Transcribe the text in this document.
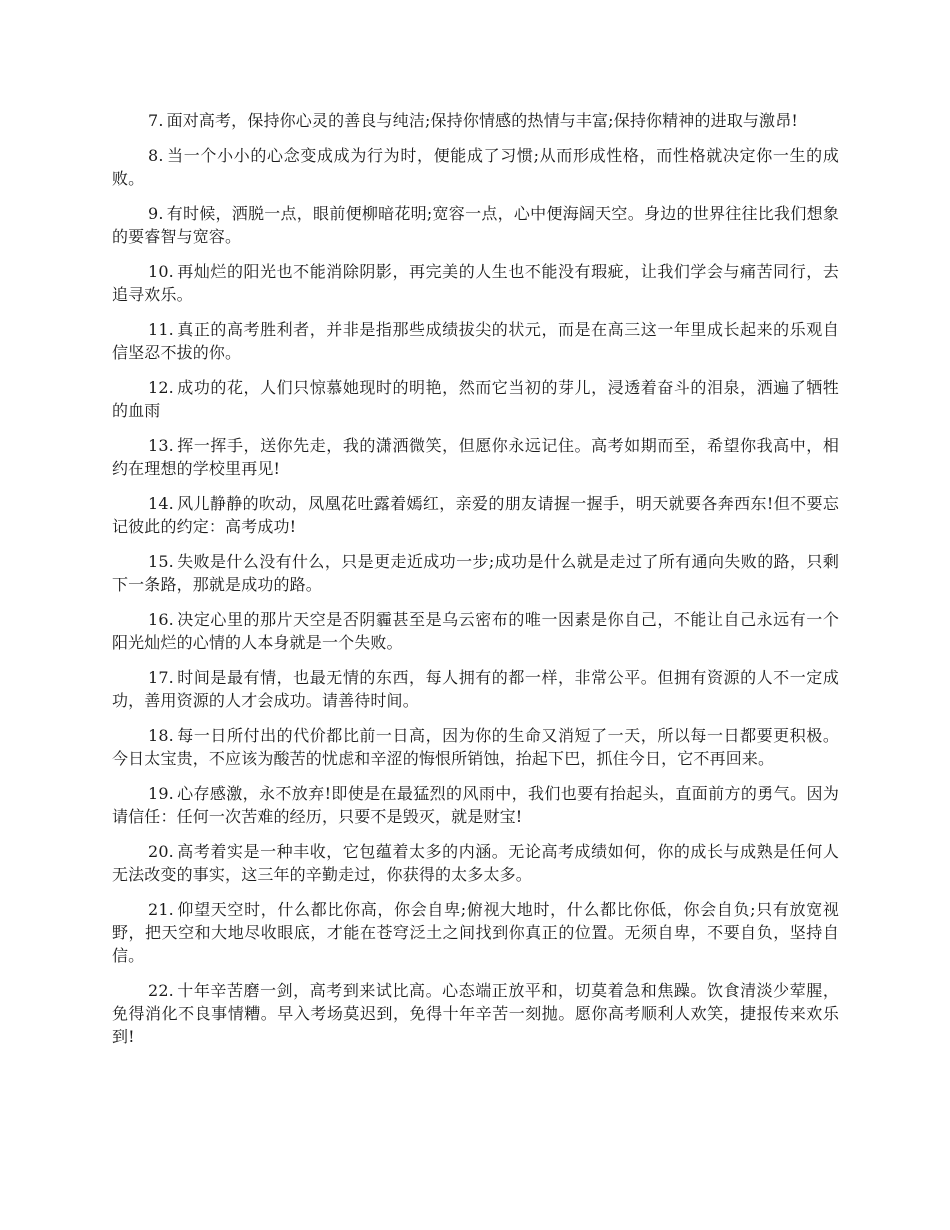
7. 面对高考，保持你心灵的善良与纯洁;保持你情感的热情与丰富;保持你精神的进取与激昂!

8. 当一个小小的心念变成成为行为时，便能成了习惯;从而形成性格，而性格就决定你一生的成败。

9. 有时候，洒脱一点，眼前便柳暗花明;宽容一点，心中便海阔天空。身边的世界往往比我们想象的要睿智与宽容。

10. 再灿烂的阳光也不能消除阴影，再完美的人生也不能没有瑕疵，让我们学会与痛苦同行，去追寻欢乐。

11. 真正的高考胜利者，并非是指那些成绩拔尖的状元，而是在高三这一年里成长起来的乐观自信坚忍不拔的你。

12. 成功的花，人们只惊慕她现时的明艳，然而它当初的芽儿，浸透着奋斗的泪泉，洒遍了牺牲的血雨

13. 挥一挥手，送你先走，我的潇洒微笑，但愿你永远记住。高考如期而至，希望你我高中，相约在理想的学校里再见!

14. 风儿静静的吹动，凤凰花吐露着嫣红，亲爱的朋友请握一握手，明天就要各奔西东!但不要忘记彼此的约定：高考成功!

15. 失败是什么没有什么，只是更走近成功一步;成功是什么就是走过了所有通向失败的路，只剩下一条路，那就是成功的路。

16. 决定心里的那片天空是否阴霾甚至是乌云密布的唯一因素是你自己，不能让自己永远有一个阳光灿烂的心情的人本身就是一个失败。

17. 时间是最有情，也最无情的东西，每人拥有的都一样，非常公平。但拥有资源的人不一定成功，善用资源的人才会成功。请善待时间。

18. 每一日所付出的代价都比前一日高，因为你的生命又消短了一天，所以每一日都要更积极。今日太宝贵，不应该为酸苦的忧虑和辛涩的悔恨所销蚀，抬起下巴，抓住今日，它不再回来。

19. 心存感激，永不放弃!即使是在最猛烈的风雨中，我们也要有抬起头，直面前方的勇气。因为请信任：任何一次苦难的经历，只要不是毁灭，就是财宝!

20. 高考着实是一种丰收，它包蕴着太多的内涵。无论高考成绩如何，你的成长与成熟是任何人无法改变的事实，这三年的辛勤走过，你获得的太多太多。

21. 仰望天空时，什么都比你高，你会自卑;俯视大地时，什么都比你低，你会自负;只有放宽视野，把天空和大地尽收眼底，才能在苍穹泛土之间找到你真正的位置。无须自卑，不要自负，坚持自信。

22. 十年辛苦磨一剑，高考到来试比高。心态端正放平和，切莫着急和焦躁。饮食清淡少荤腥，免得消化不良事情糟。早入考场莫迟到，免得十年辛苦一刻抛。愿你高考顺利人欢笑，捷报传来欢乐到!
